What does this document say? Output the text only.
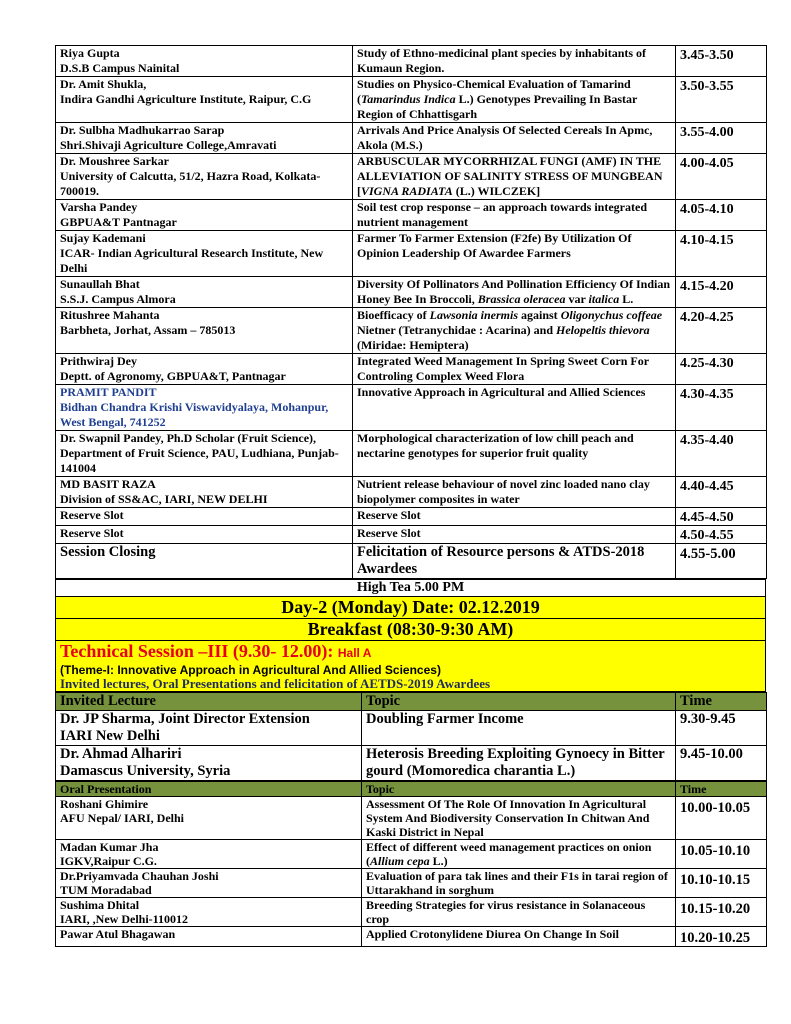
Riya Gupta
D.S.B Campus Nainital	Study of Ethno-medicinal plant species by inhabitants of Kumaun Region.	3.45-3.50

Dr. Amit Shukla,
Indira Gandhi Agriculture Institute, Raipur, C.G	Studies on Physico-Chemical Evaluation of Tamarind (Tamarindus Indica L.) Genotypes Prevailing In Bastar Region of Chhattisgarh	3.50-3.55

Dr. Sulbha Madhukarrao Sarap
Shri.Shivaji Agriculture College,Amravati	Arrivals And Price Analysis Of Selected Cereals In Apmc, Akola (M.S.)	3.55-4.00

Dr. Moushree Sarkar
University of Calcutta, 51/2, Hazra Road, Kolkata-700019.	ARBUSCULAR MYCORRHIZAL FUNGI (AMF) IN THE ALLEVIATION OF SALINITY STRESS OF MUNGBEAN [VIGNA RADIATA (L.) WILCZEK]	4.00-4.05

Varsha Pandey
GBPUA&T Pantnagar	Soil test crop response – an approach towards integrated nutrient management	4.05-4.10

Sujay Kademani
ICAR- Indian Agricultural Research Institute, New Delhi	Farmer To Farmer Extension (F2fe) By Utilization Of Opinion Leadership Of Awardee Farmers	4.10-4.15

Sunaullah Bhat
S.S.J. Campus Almora	Diversity Of Pollinators And Pollination Efficiency Of Indian Honey Bee In Broccoli, Brassica oleracea var italica L.	4.15-4.20

Ritushree Mahanta
Barbheta, Jorhat, Assam – 785013	Bioefficacy of Lawsonia inermis against Oligonychus coffeae Nietner (Tetranychidae : Acarina) and Helopeltis thievora (Miridae: Hemiptera)	4.20-4.25

Prithwiraj Dey
Deptt. of Agronomy, GBPUA&T, Pantnagar	Integrated Weed Management In Spring Sweet Corn For Controling Complex Weed Flora	4.25-4.30

PRAMIT PANDIT
Bidhan Chandra Krishi Viswavidyalaya, Mohanpur, West Bengal, 741252	Innovative Approach in Agricultural and Allied Sciences	4.30-4.35

Dr. Swapnil Pandey, Ph.D Scholar (Fruit Science),
Department of Fruit Science, PAU, Ludhiana, Punjab- 141004	Morphological characterization of low chill peach and nectarine genotypes for superior fruit quality	4.35-4.40

MD BASIT RAZA
Division of SS&AC, IARI, NEW DELHI	Nutrient release behaviour of novel zinc loaded nano clay biopolymer composites in water	4.40-4.45

Reserve Slot	Reserve Slot	4.45-4.50

Reserve Slot	Reserve Slot	4.50-4.55

Session Closing	Felicitation of Resource persons & ATDS-2018 Awardees	4.55-5.00
High Tea 5.00 PM
Day-2 (Monday) Date: 02.12.2019
Breakfast (08:30-9:30 AM)

Technical Session –III (9.30- 12.00): Hall A
(Theme-I: Innovative Approach in Agricultural And Allied Sciences)
Invited lectures, Oral Presentations and felicitation of AETDS-2019 Awardees
Invited Lecture	Topic	Time

Dr. JP Sharma, Joint Director Extension
IARI New Delhi	Doubling Farmer Income	9.30-9.45

Dr. Ahmad Alhariri
Damascus University, Syria	Heterosis Breeding Exploiting Gynoecy in Bitter gourd (Momoredica charantia L.)	9.45-10.00
Oral Presentation	Topic	Time

Roshani Ghimire
AFU Nepal/ IARI, Delhi	Assessment Of The Role Of Innovation In Agricultural System And Biodiversity Conservation In Chitwan And Kaski District in Nepal	10.00-10.05

Madan Kumar Jha
IGKV,Raipur C.G.	Effect of different weed management practices on onion (Allium cepa L.)	10.05-10.10

Dr.Priyamvada Chauhan Joshi
TUM Moradabad	Evaluation of para tak lines and their F1s in tarai region of Uttarakhand in sorghum	10.10-10.15

Sushima Dhital
IARI, ,New Delhi-110012	Breeding Strategies for virus resistance in Solanaceous crop	10.15-10.20

Pawar Atul Bhagawan	Applied Crotonylidene Diurea On Change In Soil	10.20-10.25
